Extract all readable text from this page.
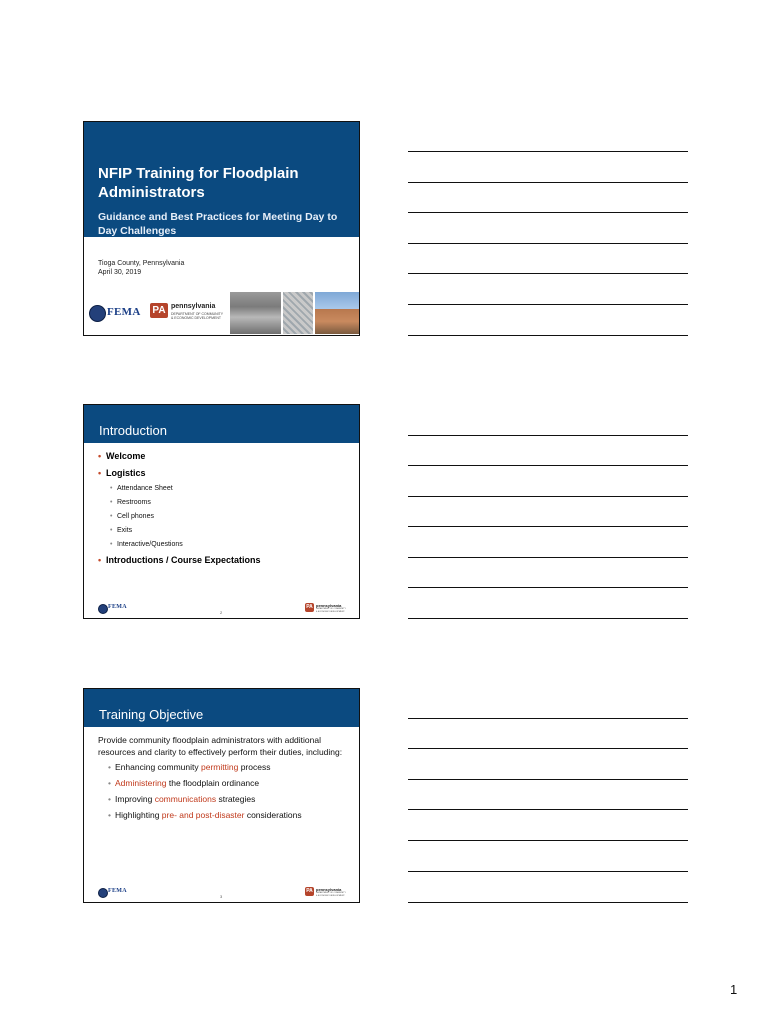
NFIP Training for Floodplain Administrators
Guidance and Best Practices for Meeting Day to Day Challenges
Tioga County, Pennsylvania
April 30, 2019
FEMA PA pennsylvania
DEPARTMENT OF COMMUNITY
& ECONOMIC DEVELOPMENT
Introduction
• Welcome
• Logistics
• Attendance Sheet
• Restrooms
• Cell phones
• Exits
• Interactive/Questions
• Introductions / Course Expectations
FEMA
2
PA pennsylvania
DEPARTMENT OF COMMUNITY
& ECONOMIC DEVELOPMENT
Training Objective
Provide community floodplain administrators with additional resources and clarity to effectively perform their duties, including:
• Enhancing community permitting process
• Administering the floodplain ordinance
• Improving communications strategies
• Highlighting pre- and post-disaster considerations
FEMA
3
PA pennsylvania
DEPARTMENT OF COMMUNITY
& ECONOMIC DEVELOPMENT
1
